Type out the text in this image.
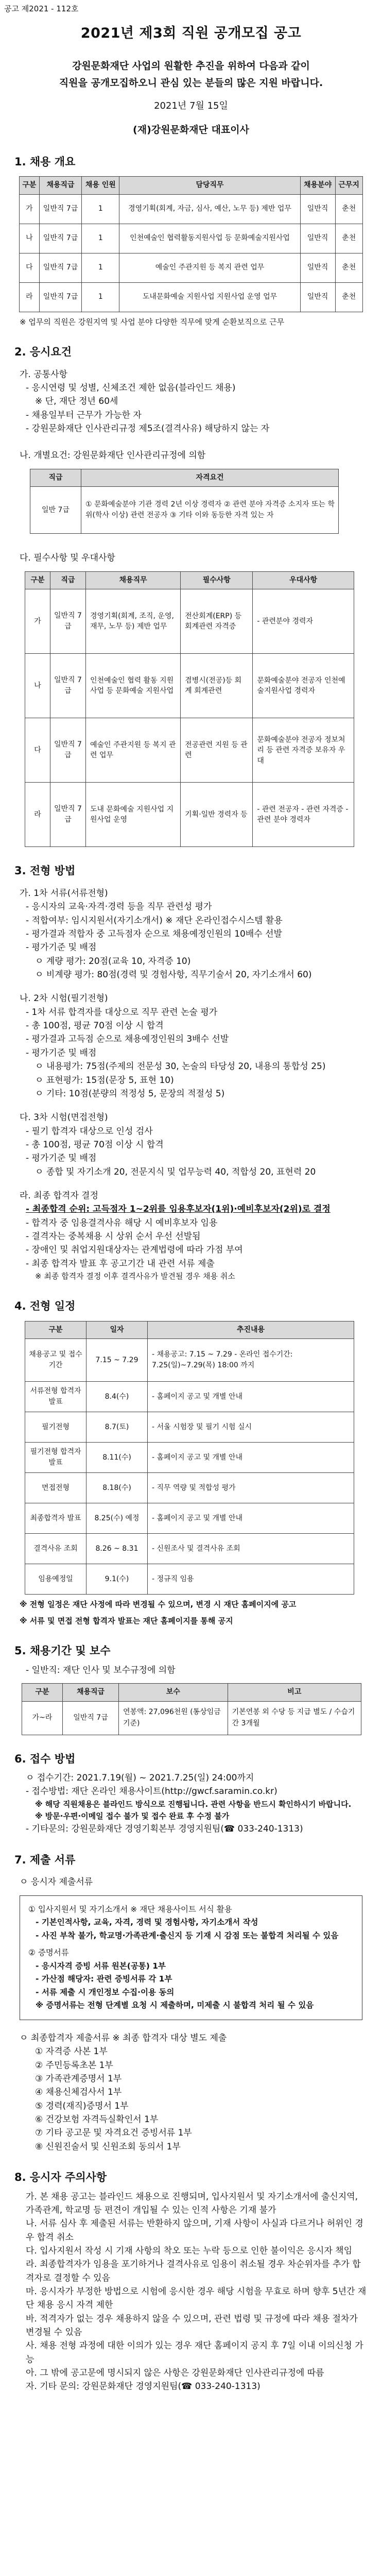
공고 제2021 - 112호
2021년 제3회 직원 공개모집 공고
강원문화재단 사업의 원활한 추진을 위하여 다음과 같이
직원을 공개모집하오니 관심 있는 분들의 많은 지원 바랍니다.
2021년 7월 15일
(재)강원문화재단 대표이사
1. 채용 개요
구분	채용직급	채용 인원	담당직무	채용분야	근무지
가	일반직 7급	1	경영기획(회계, 자금, 심사, 예산, 노무 등) 제반 업무	일반직	춘천
나	일반직 7급	1	인천예술인 협력활동지원사업 등 문화예술지원사업	일반직	춘천
다	일반직 7급	1	예술인 주관지원 등 복지 관련 업무	일반직	춘천
라	일반직 7급	1	도내문화예술 지원사업 지원사업 운영 업무	일반직	춘천
※ 업무의 직원은 강원지역 및 사업 분야 다양한 직무에 맞게 순환보직으로 근무
2. 응시요건
가. 공통사항
- 응시연령 및 성별, 신체조건 제한 없음(블라인드 채용)
※ 단, 재단 정년 60세
- 채용일부터 근무가 가능한 자
- 강원문화재단 인사관리규정 제5조(결격사유) 해당하지 않는 자
나. 개별요건: 강원문화재단 인사관리규정에 의함
직급	자격요건
일반 7급	① 문화예술분야 기관 경력 2년 이상 경력자 ② 관련 분야 자격증 소지자 또는 학위(학사 이상) 관련 전공자 ③ 기타 이와 동등한 자격 있는 자
다. 필수사항 및 우대사항
구분	직급	채용직무	필수사항	우대사항
가	일반직 7급	경영기획(회계, 조직, 운영, 재무, 노무 등) 제반 업무	전산회계(ERP) 등 회계관련 자격증	- 관련분야 경력자
나	일반직 7급	인천예술인 협력 활동 지원사업 등 문화예술 지원사업	겸병시(전공)등 회계 회계관련	문화예술분야 전공자 인천예술지원사업 경력자
다	일반직 7급	예술인 주관지원 등 복지 관련 업무	전공관련 지원 등 관련	문화예술분야 전공자 정보처리 등 관련 자격증 보유자 우대
라	일반직 7급	도내 문화예술 지원사업 지원사업 운영	기획·일반 경력자 등	- 관련 전공자 - 관련 자격증 - 관련 분야 경력자
3. 전형 방법
가. 1차 서류(서류전형)
- 응시자의 교육·자격·경력 등을 직무 관련성 평가
- 적합여부: 임시지원서(자기소개서) ※ 재단 온라인접수시스템 활용
- 평가결과 적합자 중 고득점자 순으로 채용예정인원의 10배수 선발
- 평가기준 및 배점
ㅇ 계량 평가: 20점(교육 10, 자격증 10)
ㅇ 비계량 평가: 80점(경력 및 경험사항, 직무기술서 20, 자기소개서 60)
나. 2차 시험(필기전형)
- 1차 서류 합격자를 대상으로 직무 관련 논술 평가
- 총 100점, 평균 70점 이상 시 합격
- 평가결과 고득점 순으로 채용예정인원의 3배수 선발
- 평가기준 및 배점
ㅇ 내용평가: 75점(주제의 전문성 30, 논술의 타당성 20, 내용의 통합성 25)
ㅇ 표현평가: 15점(문장 5, 표현 10)
ㅇ 기타: 10점(분량의 적정성 5, 문장의 적절성 5)
다. 3차 시험(면접전형)
- 필기 합격자 대상으로 인성 검사
- 총 100점, 평균 70점 이상 시 합격
- 평가기준 및 배점
ㅇ 종합 및 자기소개 20, 전문지식 및 업무능력 40, 적합성 20, 표현력 20
라. 최종 합격자 결정
- 최종합격 순위: 고득점자 1~2위를 임용후보자(1위)·예비후보자(2위)로 결정
- 합격자 중 임용결격사유 해당 시 예비후보자 임용
- 결격자는 중복채용 시 상위 순서 우선 선발됨
- 장애인 및 취업지원대상자는 관계법령에 따라 가점 부여
- 최종 합격자 발표 후 공고기간 내 관련 서류 제출
※ 최종 합격자 결정 이후 결격사유가 발견될 경우 채용 취소
4. 전형 일정
구분	일자	추진내용
채용공고 및 접수기간	7.15 ~ 7.29	- 채용공고: 7.15 ~ 7.29 - 온라인 접수기간: 7.25(일)~7.29(목) 18:00 까지
서류전형 합격자 발표	8.4(수)	- 홈페이지 공고 및 개별 안내
필기전형	8.7(토)	- 서울 시험장 및 필기 시험 실시
필기전형 합격자 발표	8.11(수)	- 홈페이지 공고 및 개별 안내
면접전형	8.18(수)	- 직무 역량 및 적합성 평가
최종합격자 발표	8.25(수) 예정	- 홈페이지 공고 및 개별 안내
결격사유 조회	8.26 ~ 8.31	- 신원조사 및 결격사유 조회
임용예정일	9.1(수)	- 정규직 임용
※ 전형 일정은 재단 사정에 따라 변경될 수 있으며, 변경 시 재단 홈페이지에 공고
※ 서류 및 면접 전형 합격자 발표는 재단 홈페이지를 통해 공지
5. 채용기간 및 보수
- 일반직: 재단 인사 및 보수규정에 의함
구분	채용직급	보수	비고
가~라	일반직 7급	연봉액: 27,096천원 (통상임금 기준)	기본연봉 외 수당 등 지급 별도 / 수습기간 3개월
6. 접수 방법
ㅇ 접수기간: 2021.7.19(월) ~ 2021.7.25(일) 24:00까지
- 접수방법: 재단 온라인 채용사이트(http://gwcf.saramin.co.kr)
※ 해당 직원채용은 블라인드 방식으로 진행됩니다. 관련 사항을 반드시 확인하시기 바랍니다.
※ 방문·우편·이메일 접수 불가 및 접수 완료 후 수정 불가
- 기타문의: 강원문화재단 경영기획본부 경영지원팀(☎ 033-240-1313)
7. 제출 서류
ㅇ 응시자 제출서류
① 입사지원서 및 자기소개서 ※ 재단 채용사이트 서식 활용
- 기본인적사항, 교육, 자격, 경력 및 경험사항, 자기소개서 작성
- 사진 부착 불가, 학교명·가족관계·출신지 등 기재 시 감점 또는 불합격 처리될 수 있음
② 증명서류
- 응시자격 증빙 서류 원본(공통) 1부
- 가산점 해당자: 관련 증빙서류 각 1부
- 서류 제출 시 개인정보 수집·이용 동의
※ 증명서류는 전형 단계별 요청 시 제출하며, 미제출 시 불합격 처리 될 수 있음
ㅇ 최종합격자 제출서류 ※ 최종 합격자 대상 별도 제출
① 자격증 사본 1부
② 주민등록초본 1부
③ 가족관계증명서 1부
④ 채용신체검사서 1부
⑤ 경력(재직)증명서 1부
⑥ 건강보험 자격득실확인서 1부
⑦ 기타 공고문 및 자격요건 증빙서류 1부
⑧ 신원진술서 및 신원조회 동의서 1부
8. 응시자 주의사항
가. 본 채용 공고는 블라인드 채용으로 진행되며, 입사지원서 및 자기소개서에 출신지역, 가족관계, 학교명 등 편견이 개입될 수 있는 인적 사항은 기재 불가
나. 서류 심사 후 제출된 서류는 반환하지 않으며, 기재 사항이 사실과 다르거나 허위인 경우 합격 취소
다. 입사지원서 작성 시 기재 사항의 착오 또는 누락 등으로 인한 불이익은 응시자 책임
라. 최종합격자가 임용을 포기하거나 결격사유로 임용이 취소될 경우 차순위자를 추가 합격자로 결정할 수 있음
마. 응시자가 부정한 방법으로 시험에 응시한 경우 해당 시험을 무효로 하며 향후 5년간 재단 채용 응시 자격 제한
바. 적격자가 없는 경우 채용하지 않을 수 있으며, 관련 법령 및 규정에 따라 채용 절차가 변경될 수 있음
사. 채용 전형 과정에 대한 이의가 있는 경우 재단 홈페이지 공지 후 7일 이내 이의신청 가능
아. 그 밖에 공고문에 명시되지 않은 사항은 강원문화재단 인사관리규정에 따름
자. 기타 문의: 강원문화재단 경영지원팀(☎ 033-240-1313)
